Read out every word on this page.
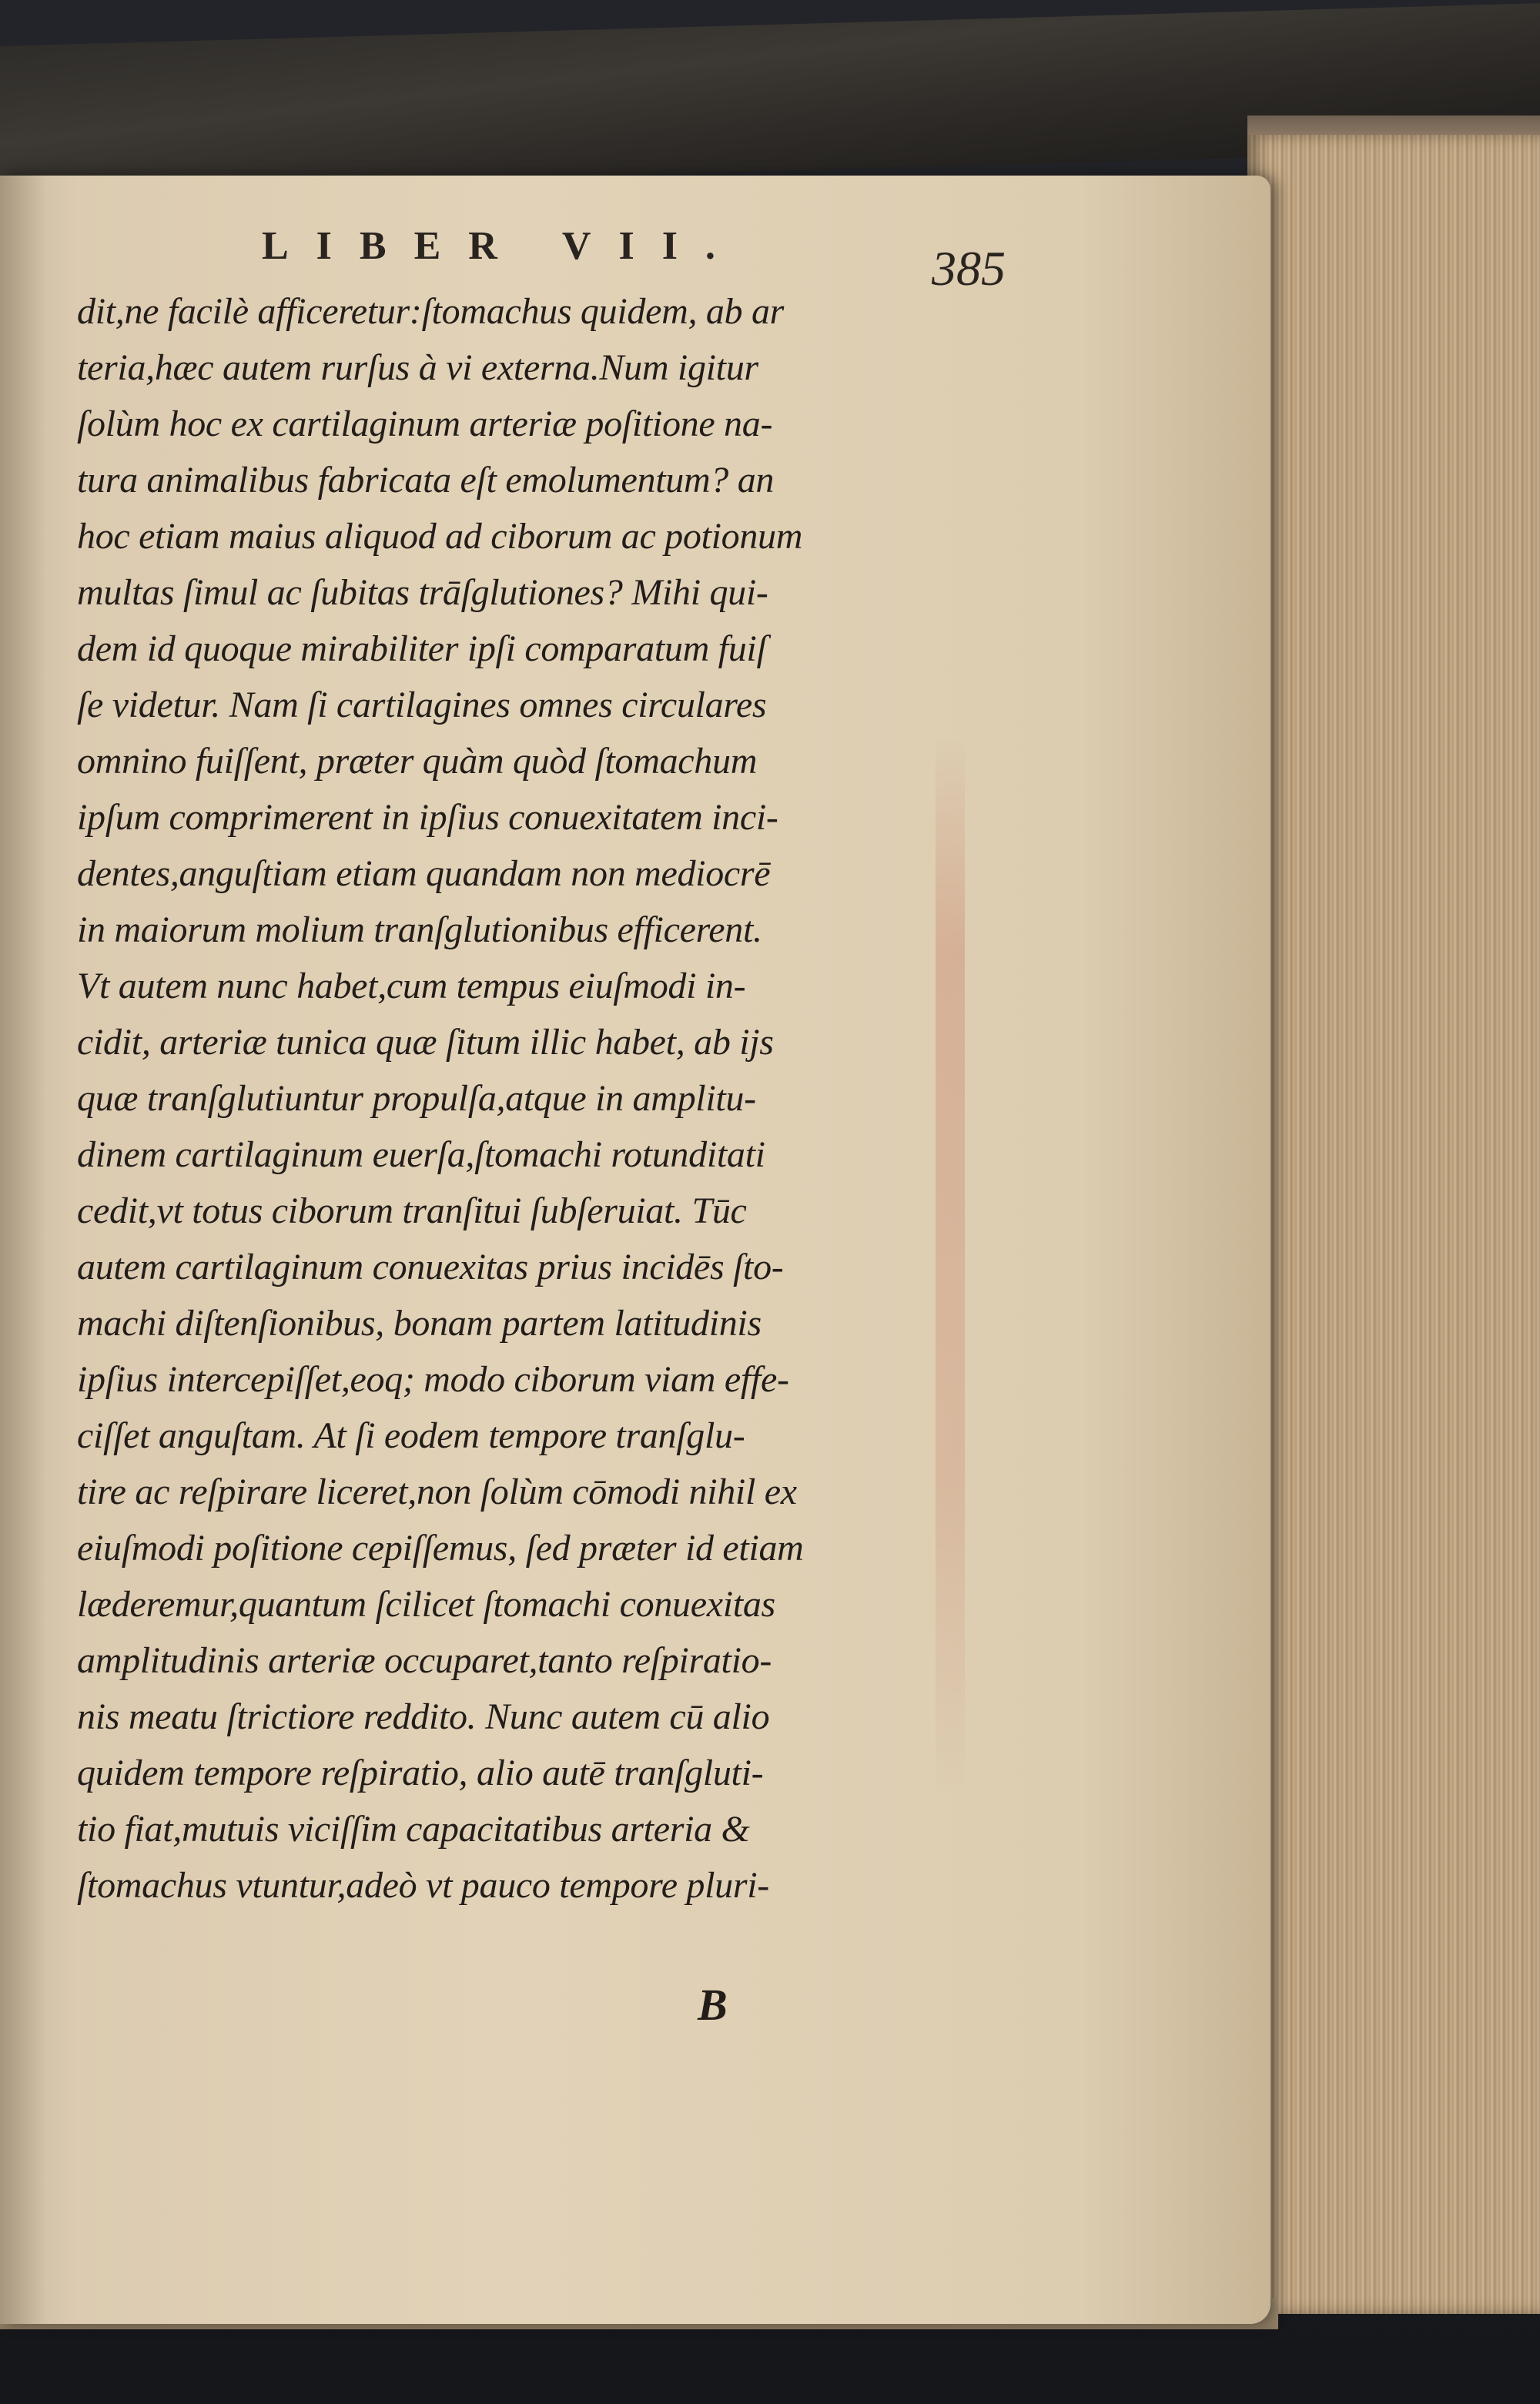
LIBER VII.	385
dit,ne facilè afficeretur:ſtomachus quidem, ab ar
teria,hæc autem rurſus à vi externa.Num igitur
ſolùm hoc ex cartilaginum arteriæ poſitione na-
tura animalibus fabricata eſt emolumentum? an
hoc etiam maius aliquod ad ciborum ac potionum
multas ſimul ac ſubitas trāſglutiones? Mihi qui-
dem id quoque mirabiliter ipſi comparatum fuiſ
ſe videtur. Nam ſi cartilagines omnes circulares
omnino fuiſſent, præter quàm quòd ſtomachum
ipſum comprimerent in ipſius conuexitatem inci-
dentes,anguſtiam etiam quandam non mediocrē
in maiorum molium tranſglutionibus efficerent.
Vt autem nunc habet,cum tempus eiuſmodi in-
cidit, arteriæ tunica quæ ſitum illic habet, ab ijs
quæ tranſglutiuntur propulſa,atque in amplitu-
dinem cartilaginum euerſa,ſtomachi rotunditati
cedit,vt totus ciborum tranſitui ſubſeruiat. Tūc
autem cartilaginum conuexitas prius incidēs ſto-
machi diſtenſionibus, bonam partem latitudinis
ipſius intercepiſſet,eoq; modo ciborum viam effe-
ciſſet anguſtam. At ſi eodem tempore tranſglu-
tire ac reſpirare liceret,non ſolùm cōmodi nihil ex
eiuſmodi poſitione cepiſſemus, ſed præter id etiam
læderemur,quantum ſcilicet ſtomachi conuexitas
amplitudinis arteriæ occuparet,tanto reſpiratio-
nis meatu ſtrictiore reddito. Nunc autem cū alio
quidem tempore reſpiratio, alio autē tranſgluti-
tio fiat,mutuis viciſſim capacitatibus arteria &
ſtomachus vtuntur,adeò vt pauco tempore pluri-
B
